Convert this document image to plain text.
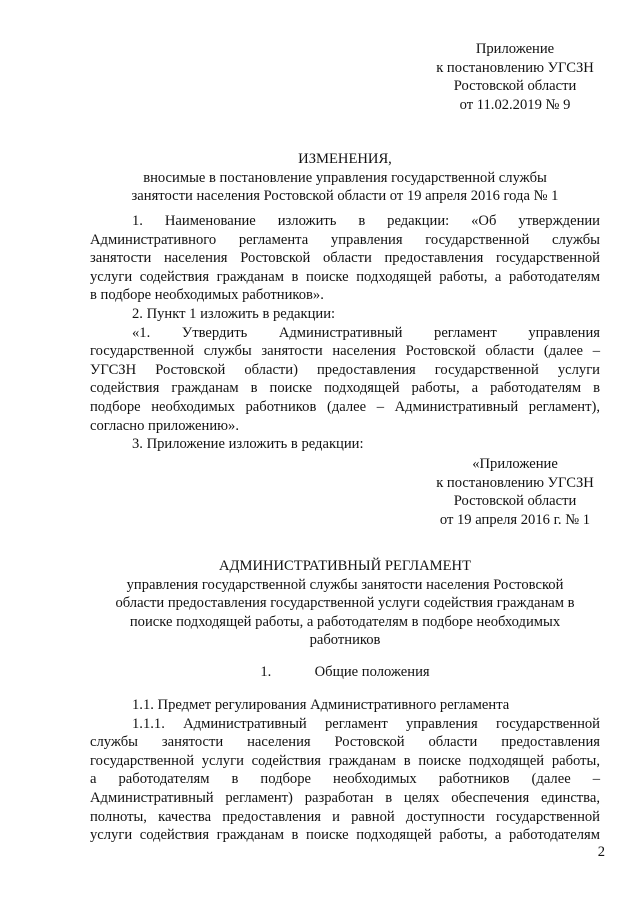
Приложение
к постановлению УГСЗН
Ростовской области
от 11.02.2019 № 9
ИЗМЕНЕНИЯ,
вносимые в постановление управления государственной службы
занятости населения Ростовской области от 19 апреля 2016 года № 1
1. Наименование изложить в редакции: «Об утверждении
Административного регламента управления государственной службы
занятости населения Ростовской области предоставления государственной
услуги содействия гражданам в поиске подходящей работы, а работодателям
в подборе необходимых работников».
2. Пункт 1 изложить в редакции:
«1. Утвердить Административный регламент управления
государственной службы занятости населения Ростовской области (далее –
УГСЗН Ростовской области) предоставления государственной услуги
содействия гражданам в поиске подходящей работы, а работодателям в
подборе необходимых работников (далее – Административный регламент),
согласно приложению».
3. Приложение изложить в редакции:
«Приложение
к постановлению УГСЗН
Ростовской области
от 19 апреля 2016 г. № 1
АДМИНИСТРАТИВНЫЙ РЕГЛАМЕНТ
управления государственной службы занятости населения Ростовской
области предоставления государственной услуги содействия гражданам в
поиске подходящей работы, а работодателям в подборе необходимых
работников
1.	Общие положения
1.1. Предмет регулирования Административного регламента
1.1.1. Административный регламент управления государственной
службы занятости населения Ростовской области предоставления
государственной услуги содействия гражданам в поиске подходящей работы,
а работодателям в подборе необходимых работников (далее –
Административный регламент) разработан в целях обеспечения единства,
полноты, качества предоставления и равной доступности государственной
услуги содействия гражданам в поиске подходящей работы, а работодателям
2
